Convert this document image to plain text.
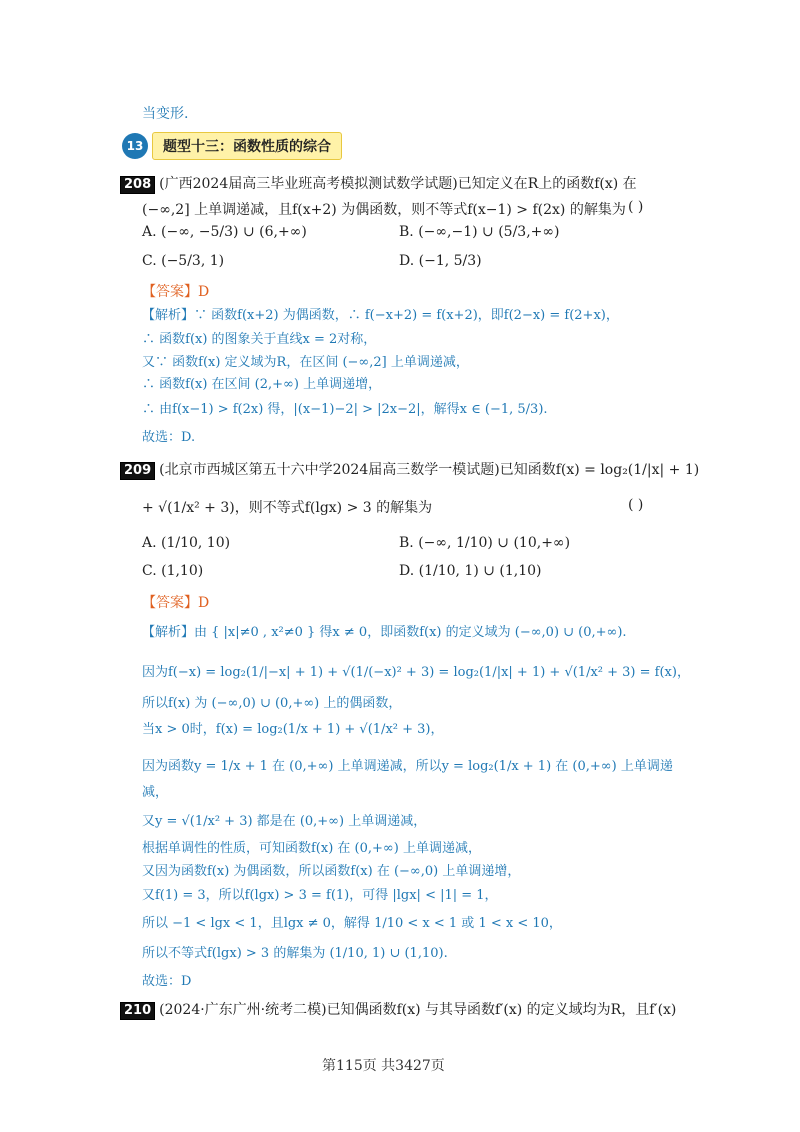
当变形.
13	题型十三：函数性质的综合
208 (广西2024届高三毕业班高考模拟测试数学试题)已知定义在R上的函数f(x) 在
(−∞,2] 上单调递减，且f(x+2) 为偶函数，则不等式f(x−1) > f(2x) 的解集为 ( )
A. (−∞, −5/3) ∪ (6,+∞)	B. (−∞,−1) ∪ (5/3,+∞)
C. (−5/3, 1)	D. (−1, 5/3)
【答案】D
【解析】∵ 函数f(x+2) 为偶函数，∴ f(−x+2) = f(x+2)，即f(2−x) = f(2+x)，
∴ 函数f(x) 的图象关于直线x = 2对称，
又∵ 函数f(x) 定义域为R，在区间 (−∞,2] 上单调递减，
∴ 函数f(x) 在区间 (2,+∞) 上单调递增，
∴ 由f(x−1) > f(2x) 得，|(x−1)−2| > |2x−2|，解得x ∈ (−1, 5/3).
故选：D.
209 (北京市西城区第五十六中学2024届高三数学一模试题)已知函数f(x) = log₂(1/|x| + 1)
+ √(1/x² + 3)，则不等式f(lgx) > 3 的解集为	( )
A. (1/10, 10)	B. (−∞, 1/10) ∪ (10,+∞)
C. (1,10)	D. (1/10, 1) ∪ (1,10)
【答案】D
【解析】由 { |x|≠0 , x²≠0 } 得x ≠ 0，即函数f(x) 的定义域为 (−∞,0) ∪ (0,+∞).
因为f(−x) = log₂(1/|−x| + 1) + √(1/(−x)² + 3) = log₂(1/|x| + 1) + √(1/x² + 3) = f(x)，
所以f(x) 为 (−∞,0) ∪ (0,+∞) 上的偶函数，
当x > 0时，f(x) = log₂(1/x + 1) + √(1/x² + 3)，
因为函数y = 1/x + 1 在 (0,+∞) 上单调递减，所以y = log₂(1/x + 1) 在 (0,+∞) 上单调递
减，
又y = √(1/x² + 3) 都是在 (0,+∞) 上单调递减，
根据单调性的性质，可知函数f(x) 在 (0,+∞) 上单调递减，
又因为函数f(x) 为偶函数，所以函数f(x) 在 (−∞,0) 上单调递增，
又f(1) = 3，所以f(lgx) > 3 = f(1)，可得 |lgx| < |1| = 1，
所以 −1 < lgx < 1，且lgx ≠ 0，解得 1/10 < x < 1 或 1 < x < 10，
所以不等式f(lgx) > 3 的解集为 (1/10, 1) ∪ (1,10).
故选：D
210 (2024·广东广州·统考二模)已知偶函数f(x) 与其导函数f′(x) 的定义域均为R，且f′(x)
第115页 共3427页
